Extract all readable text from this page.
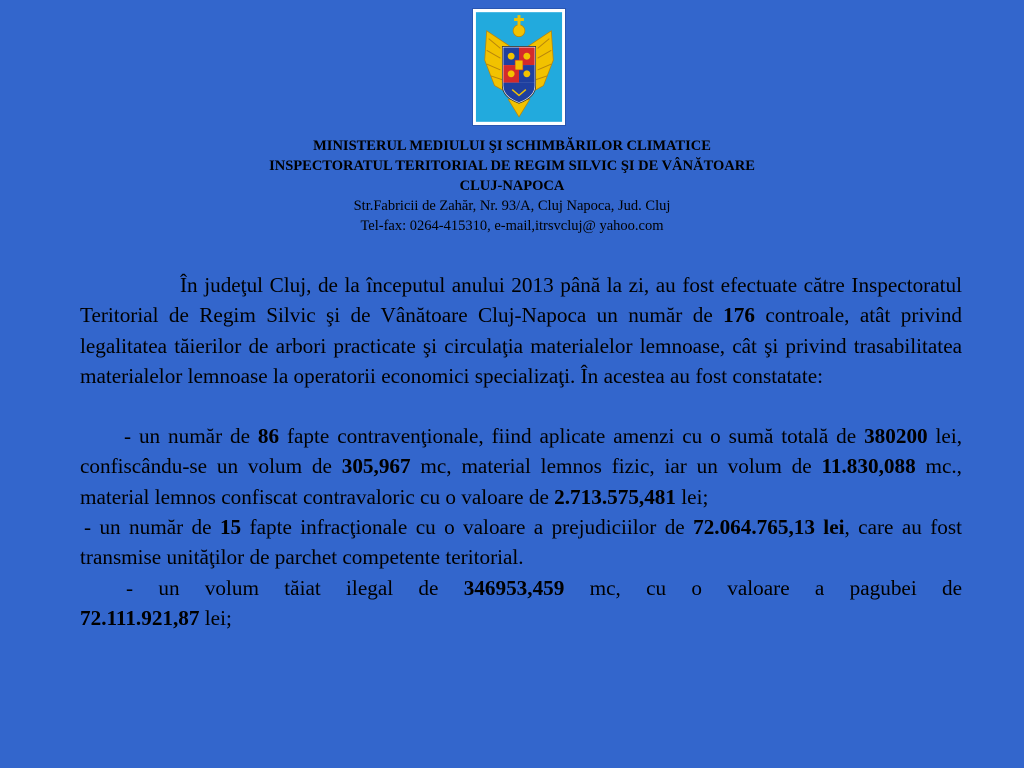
MINISTERUL MEDIULUI ŞI SCHIMBĂRILOR CLIMATICE
INSPECTORATUL TERITORIAL DE REGIM SILVIC ŞI DE VÂNĂTOARE
CLUJ-NAPOCA
Str.Fabricii de Zahăr, Nr. 93/A, Cluj Napoca, Jud. Cluj
Tel-fax: 0264-415310, e-mail,itrsvcluj@ yahoo.com

În judeţul Cluj, de la începutul anului 2013 până la zi, au fost efectuate către Inspectoratul Teritorial de Regim Silvic şi de Vânătoare Cluj-Napoca un număr de 176 controale, atât privind legalitatea tăierilor de arbori practicate şi circulaţia materialelor lemnoase, cât şi privind trasabilitatea materialelor lemnoase la operatorii economici specializaţi. În acestea au fost constatate:

- un număr de 86 fapte contravenţionale, fiind aplicate amenzi cu o sumă totală de 380200 lei, confiscându-se un volum de 305,967 mc, material lemnos fizic, iar un volum de 11.830,088 mc., material lemnos confiscat contravaloric cu o valoare de 2.713.575,481 lei;

- un număr de 15 fapte infracţionale cu o valoare a prejudiciilor de 72.064.765,13 lei, care au fost transmise unităţilor de parchet competente teritorial.

- un volum tăiat ilegal de 346953,459 mc, cu o valoare a pagubei de

72.111.921,87 lei;
